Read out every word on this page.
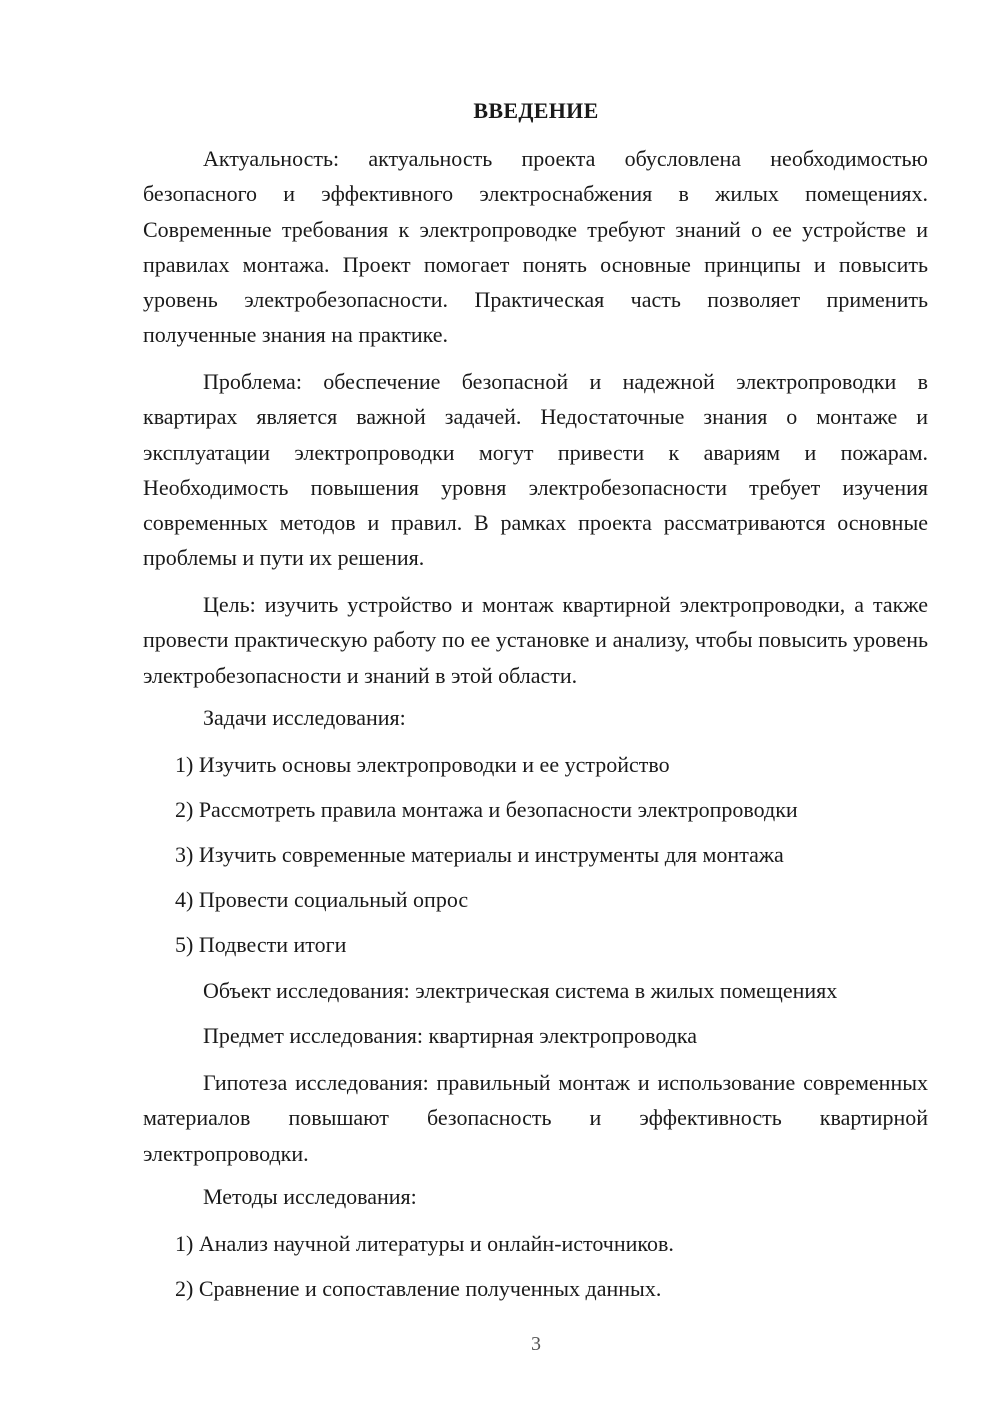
ВВЕДЕНИЕ

Актуальность: актуальность проекта обусловлена необходимостью безопасного и эффективного электроснабжения в жилых помещениях. Современные требования к электропроводке требуют знаний о ее устройстве и правилах монтажа. Проект помогает понять основные принципы и повысить уровень электробезопасности. Практическая часть позволяет применить полученные знания на практике.

Проблема: обеспечение безопасной и надежной электропроводки в квартирах является важной задачей. Недостаточные знания о монтаже и эксплуатации электропроводки могут привести к авариям и пожарам. Необходимость повышения уровня электробезопасности требует изучения современных методов и правил. В рамках проекта рассматриваются основные проблемы и пути их решения.

Цель: изучить устройство и монтаж квартирной электропроводки, а также провести практическую работу по ее установке и анализу, чтобы повысить уровень электробезопасности и знаний в этой области.

Задачи исследования:
1) Изучить основы электропроводки и ее устройство
2) Рассмотреть правила монтажа и безопасности электропроводки
3) Изучить современные материалы и инструменты для монтажа
4) Провести социальный опрос
5) Подвести итоги
Объект исследования: электрическая система в жилых помещениях
Предмет исследования: квартирная электропроводка

Гипотеза исследования: правильный монтаж и использование современных материалов повышают безопасность и эффективность квартирной электропроводки.

Методы исследования:
1) Анализ научной литературы и онлайн-источников.
2) Сравнение и сопоставление полученных данных.
3
